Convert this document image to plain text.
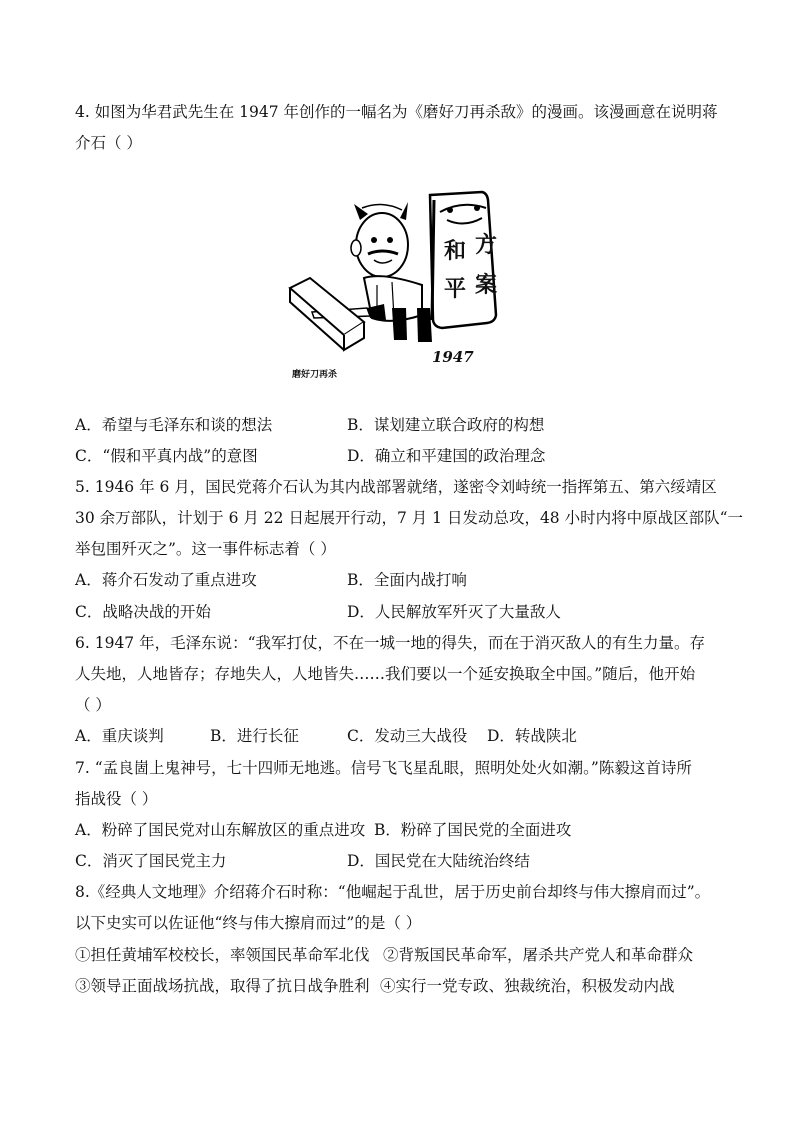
4. 如图为华君武先生在 1947 年创作的一幅名为《磨好刀再杀敌》的漫画。该漫画意在说明蒋
介石（ ）
方
和
案
平
1947
磨好刀再杀
A．希望与毛泽东和谈的想法	B．谋划建立联合政府的构想
C．“假和平真内战”的意图	D．确立和平建国的政治理念
5. 1946 年 6 月，国民党蒋介石认为其内战部署就绪，遂密令刘峙统一指挥第五、第六绥靖区
30 余万部队，计划于 6 月 22 日起展开行动，7 月 1 日发动总攻，48 小时内将中原战区部队“一
举包围歼灭之”。这一事件标志着（ ）
A．蒋介石发动了重点进攻	B．全面内战打响
C．战略决战的开始	D．人民解放军歼灭了大量敌人
6. 1947 年，毛泽东说：“我军打仗，不在一城一地的得失，而在于消灭敌人的有生力量。存
人失地，人地皆存；存地失人，人地皆失……我们要以一个延安换取全中国。”随后，他开始
（ ）
A．重庆谈判	B．进行长征	C．发动三大战役 D．转战陕北
7. “孟良崮上鬼神号，七十四师无地逃。信号飞飞星乱眼，照明处处火如潮。”陈毅这首诗所
指战役（ ）
A．粉碎了国民党对山东解放区的重点进攻 B．粉碎了国民党的全面进攻
C．消灭了国民党主力	D．国民党在大陆统治终结
8.《经典人文地理》介绍蒋介石时称：“他崛起于乱世，居于历史前台却终与伟大擦肩而过”。
以下史实可以佐证他“终与伟大擦肩而过”的是（ ）
①担任黄埔军校校长，率领国民革命军北伐 ②背叛国民革命军，屠杀共产党人和革命群众
③领导正面战场抗战，取得了抗日战争胜利 ④实行一党专政、独裁统治，积极发动内战
